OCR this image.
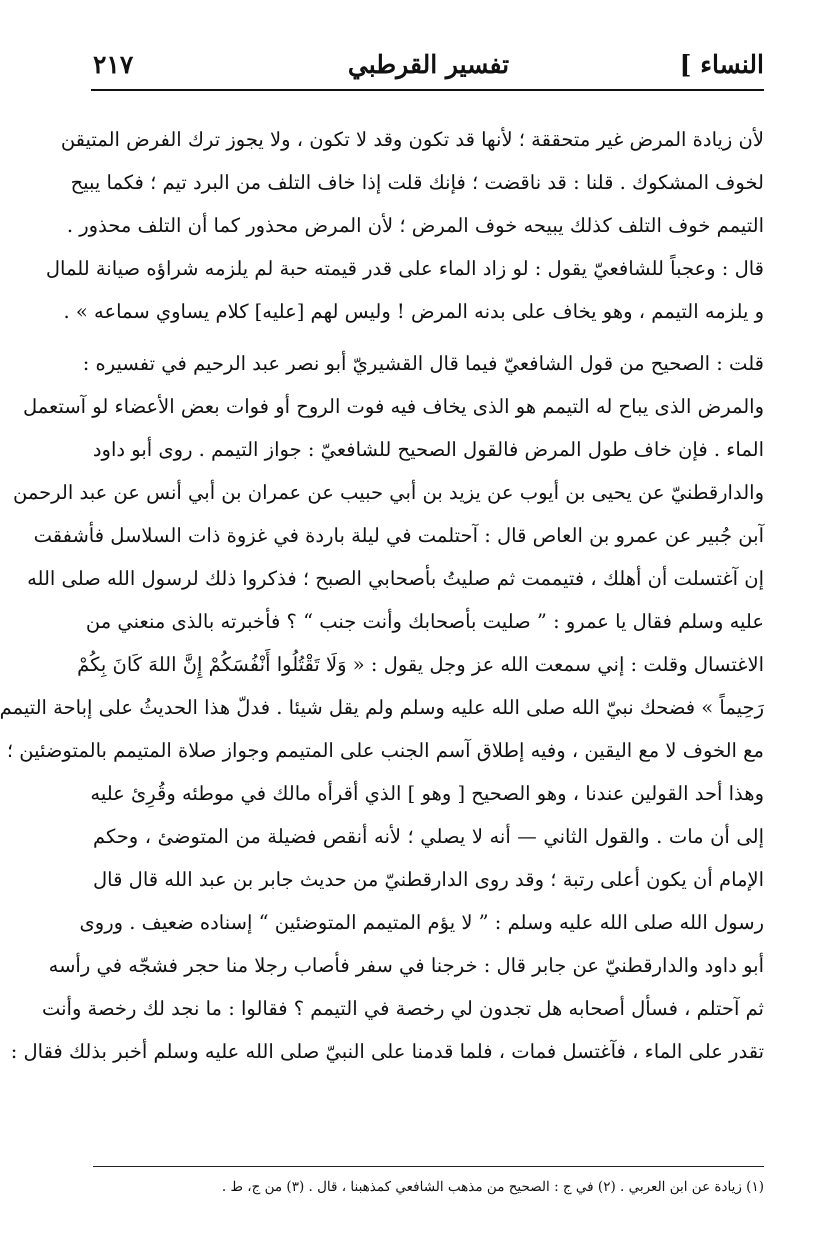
النساء ]
تفسير القرطبي
٢١٧
لأن زيادة المرض غير متحققة ؛ لأنها قد تكون وقد لا تكون ، ولا يجوز ترك الفرض المتيقن
لخوف المشكوك . قلنا : قد ناقضت ؛ فإنك قلت إذا خاف التلف من البرد تيم ؛ فكما يبيح
التيمم خوف التلف كذلك يبيحه خوف المرض ؛ لأن المرض محذور كما أن التلف محذور .
قال : وعجباً للشافعيّ يقول : لو زاد الماء على قدر قيمته حبة لم يلزمه شراؤه صيانة للمال
و يلزمه التيمم ، وهو يخاف على بدنه المرض ! وليس لهم [عليه] كلام يساوي سماعه » .
قلت : الصحيح من قول الشافعيّ فيما قال القشيريّ أبو نصر عبد الرحيم في تفسيره :
والمرض الذى يباح له التيمم هو الذى يخاف فيه فوت الروح أو فوات بعض الأعضاء لو آستعمل
الماء . فإن خاف طول المرض فالقول الصحيح للشافعيّ : جواز التيمم . روى أبو داود
والدارقطنيّ عن يحيى بن أيوب عن يزيد بن أبي حبيب عن عمران بن أبي أنس عن عبد الرحمن
آبن جُبير عن عمرو بن العاص قال : آحتلمت في ليلة باردة في غزوة ذات السلاسل فأشفقت
إن آغتسلت أن أهلك ، فتيممت ثم صليتُ بأصحابي الصبح ؛ فذكروا ذلك لرسول الله صلى الله
عليه وسلم فقال يا عمرو : ” صليت بأصحابك وأنت جنب “ ؟ فأخبرته بالذى منعني من
الاغتسال وقلت : إني سمعت الله عز وجل يقول : « وَلَا تَقْتُلُوا أَنْفُسَكُمْ إِنَّ اللهَ كَانَ بِكُمْ
رَحِيماً » فضحك نبيّ الله صلى الله عليه وسلم ولم يقل شيئا . فدلّ هذا الحديثُ على إباحة التيمم
مع الخوف لا مع اليقين ، وفيه إطلاق آسم الجنب على المتيمم وجواز صلاة المتيمم بالمتوضئين ؛
وهذا أحد القولين عندنا ، وهو الصحيح [ وهو ] الذي أقرأه مالك في موطئه وقُرِئ عليه
إلى أن مات . والقول الثاني — أنه لا يصلي ؛ لأنه أنقص فضيلة من المتوضئ ، وحكم
الإمام أن يكون أعلى رتبة ؛ وقد روى الدارقطنيّ من حديث جابر بن عبد الله قال قال
رسول الله صلى الله عليه وسلم : ” لا يؤم المتيمم المتوضئين “ إسناده ضعيف . وروى
أبو داود والدارقطنيّ عن جابر قال : خرجنا في سفر فأصاب رجلا منا حجر فشجّه في رأسه
ثم آحتلم ، فسأل أصحابه هل تجدون لي رخصة في التيمم ؟ فقالوا : ما نجد لك رخصة وأنت
تقدر على الماء ، فآغتسل فمات ، فلما قدمنا على النبيّ صلى الله عليه وسلم أخبر بذلك فقال :
(١) زيادة عن ابن العربي . (٢) في ج : الصحيح من مذهب الشافعي كمذهبنا ، قال . (٣) من ج، ط .
